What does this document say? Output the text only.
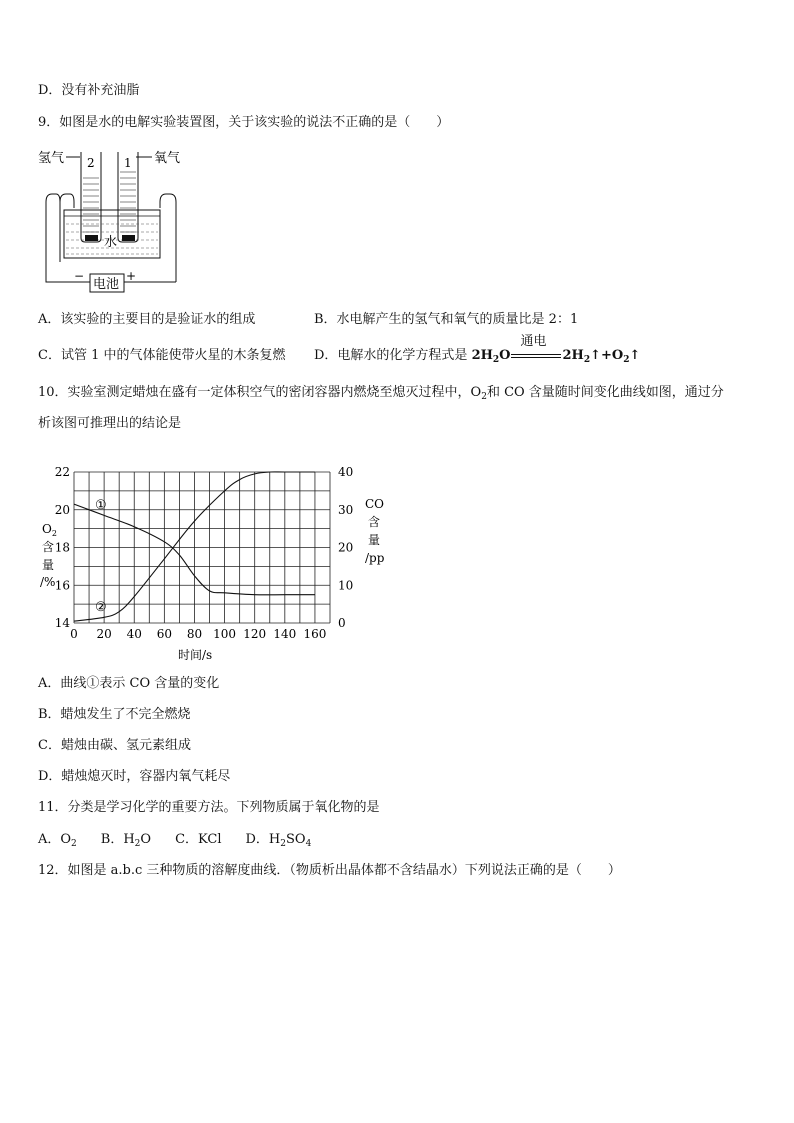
D．没有补充油脂
9．如图是水的电解实验装置图，关于该实验的说法不正确的是（　　）
氢气	氧气
2 1
水
电池
−	+
A．该实验的主要目的是验证水的组成	B．水电解产生的氢气和氧气的质量比是 2：1
C．试管 1 中的气体能使带火星的木条复燃 D．电解水的化学方程式是 $2H_2O$
通电
$2H_2↑+O_2↑$
10．实验室测定蜡烛在盛有一定体积空气的密闭容器内燃烧至熄灭过程中，$O_2$和 CO 含量随时间变化曲线如图，通过分
析该图可推理出的结论是
0 20 40 60 80 100 120 140 160
14
16
18
20
22
0
10
20
30
40
$O_2$
含
量
/%
CO
含
量
/pp
时间/s
①
②
A．曲线①表示 CO 含量的变化
B．蜡烛发生了不完全燃烧
C．蜡烛由碳、氢元素组成
D．蜡烛熄灭时，容器内氧气耗尽
11．分类是学习化学的重要方法。下列物质属于氧化物的是
A．$O_2$ B．$H_2O$ C．KCl D．$H_2SO_4$
12．如图是 a.b.c 三种物质的溶解度曲线．（物质析出晶体都不含结晶水）下列说法正确的是（　　）
